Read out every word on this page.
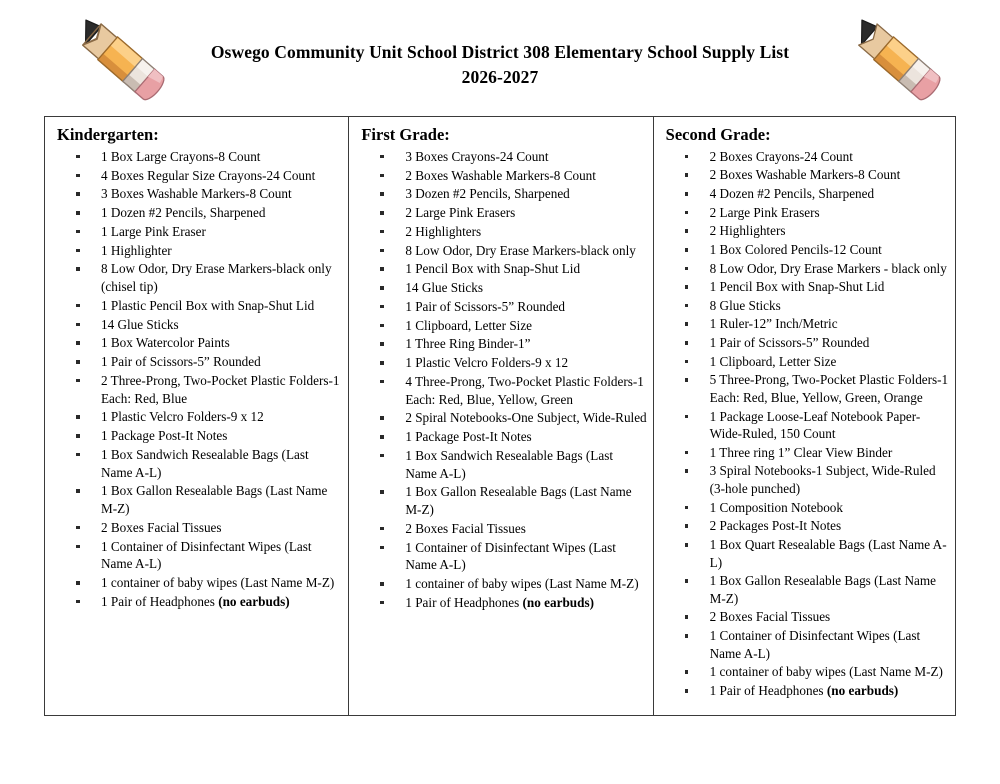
Oswego Community Unit School District 308 Elementary School Supply List
2026-2027
Kindergarten:
1 Box Large Crayons-8 Count
4 Boxes Regular Size Crayons-24 Count
3 Boxes Washable Markers-8 Count
1 Dozen #2 Pencils, Sharpened
1 Large Pink Eraser
1 Highlighter
8 Low Odor, Dry Erase Markers-black only (chisel tip)
1 Plastic Pencil Box with Snap-Shut Lid
14 Glue Sticks
1 Box Watercolor Paints
1 Pair of Scissors-5” Rounded
2 Three-Prong, Two-Pocket Plastic Folders-1 Each: Red, Blue
1 Plastic Velcro Folders-9 x 12
1 Package Post-It Notes
1 Box Sandwich Resealable Bags (Last Name A-L)
1 Box Gallon Resealable Bags (Last Name M-Z)
2 Boxes Facial Tissues
1 Container of Disinfectant Wipes (Last Name A-L)
1 container of baby wipes (Last Name M-Z)
1 Pair of Headphones (no earbuds)
First Grade:
3 Boxes Crayons-24 Count
2 Boxes Washable Markers-8 Count
3 Dozen #2 Pencils, Sharpened
2 Large Pink Erasers
2 Highlighters
8 Low Odor, Dry Erase Markers-black only
1 Pencil Box with Snap-Shut Lid
14 Glue Sticks
1 Pair of Scissors-5” Rounded
1 Clipboard, Letter Size
1 Three Ring Binder-1”
1 Plastic Velcro Folders-9 x 12
4 Three-Prong, Two-Pocket Plastic Folders-1 Each: Red, Blue, Yellow, Green
2 Spiral Notebooks-One Subject, Wide-Ruled
1 Package Post-It Notes
1 Box Sandwich Resealable Bags (Last Name A-L)
1 Box Gallon Resealable Bags (Last Name M-Z)
2 Boxes Facial Tissues
1 Container of Disinfectant Wipes (Last Name A-L)
1 container of baby wipes (Last Name M-Z)
1 Pair of Headphones (no earbuds)
Second Grade:
2 Boxes Crayons-24 Count
2 Boxes Washable Markers-8 Count
4 Dozen #2 Pencils, Sharpened
2 Large Pink Erasers
2 Highlighters
1 Box Colored Pencils-12 Count
8 Low Odor, Dry Erase Markers - black only
1 Pencil Box with Snap-Shut Lid
8 Glue Sticks
1 Ruler-12” Inch/Metric
1 Pair of Scissors-5” Rounded
1 Clipboard, Letter Size
5 Three-Prong, Two-Pocket Plastic Folders-1 Each: Red, Blue, Yellow, Green, Orange
1 Package Loose-Leaf Notebook Paper-Wide-Ruled, 150 Count
1 Three ring 1” Clear View Binder
3 Spiral Notebooks-1 Subject, Wide-Ruled (3-hole punched)
1 Composition Notebook
2 Packages Post-It Notes
1 Box Quart Resealable Bags (Last Name A-L)
1 Box Gallon Resealable Bags (Last Name M-Z)
2 Boxes Facial Tissues
1 Container of Disinfectant Wipes (Last Name A-L)
1 container of baby wipes (Last Name M-Z)
1 Pair of Headphones (no earbuds)
